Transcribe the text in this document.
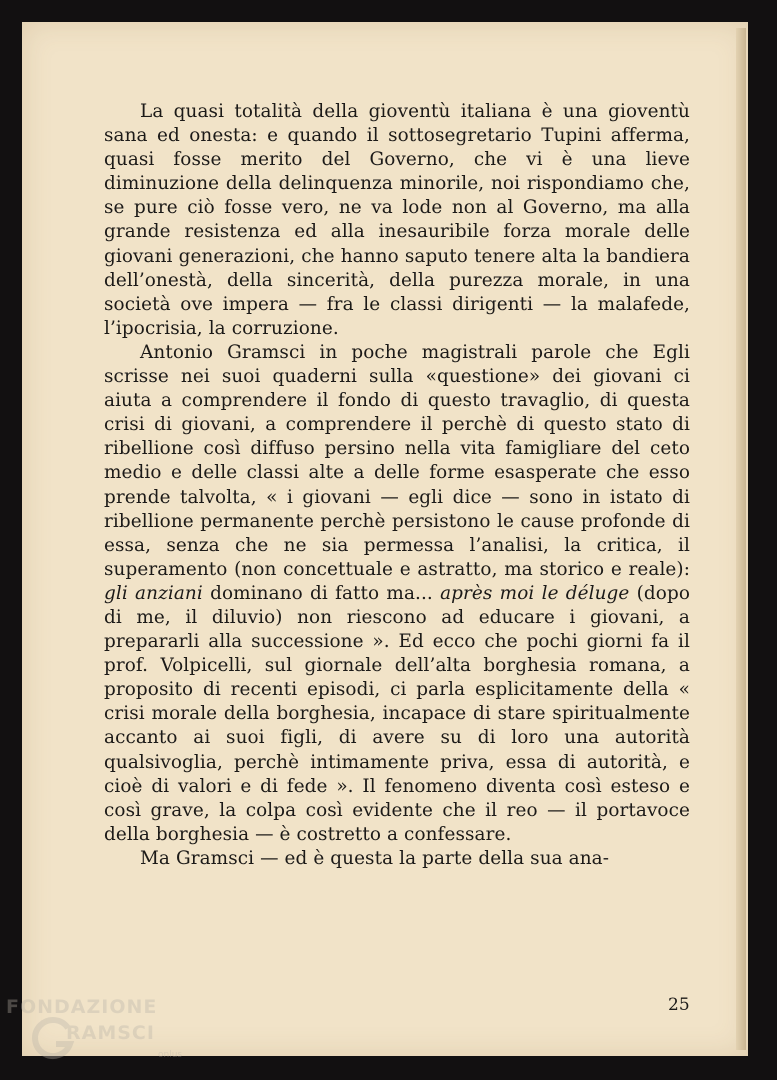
La quasi totalità della gioventù italiana è una gioventù sana ed onesta: e quando il sottosegretario Tupini afferma, quasi fosse merito del Governo, che vi è una lieve diminuzione della delinquenza minorile, noi rispondiamo che, se pure ciò fosse vero, ne va lode non al Governo, ma alla grande resistenza ed alla inesauribile forza morale delle giovani generazioni, che hanno saputo tenere alta la bandiera dell’onestà, della sincerità, della purezza morale, in una società ove impera — fra le classi dirigenti — la malafede, l’ipocrisia, la corruzione.

Antonio Gramsci in poche magistrali parole che Egli scrisse nei suoi quaderni sulla «questione» dei giovani ci aiuta a comprendere il fondo di questo travaglio, di questa crisi di giovani, a comprendere il perchè di questo stato di ribellione così diffuso persino nella vita famigliare del ceto medio e delle classi alte a delle forme esasperate che esso prende talvolta, « i giovani — egli dice — sono in istato di ribellione permanente perchè persistono le cause profonde di essa, senza che ne sia permessa l’analisi, la critica, il superamento (non concettuale e astratto, ma storico e reale): gli anziani dominano di fatto ma... après moi le déluge (dopo di me, il diluvio) non riescono ad educare i giovani, a prepararli alla successione ». Ed ecco che pochi giorni fa il prof. Volpicelli, sul giornale dell’alta borghesia romana, a proposito di recenti episodi, ci parla esplicitamente della « crisi morale della borghesia, incapace di stare spiritualmente accanto ai suoi figli, di avere su di loro una autorità qualsivoglia, perchè intimamente priva, essa di autorità, e cioè di valori e di fede ». Il fenomeno diventa così esteso e così grave, la colpa così evidente che il reo — il portavoce della borghesia — è costretto a confessare.

Ma Gramsci — ed è questa la parte della sua ana-

25
FONDAZIONE
RAMSCI
onlus
